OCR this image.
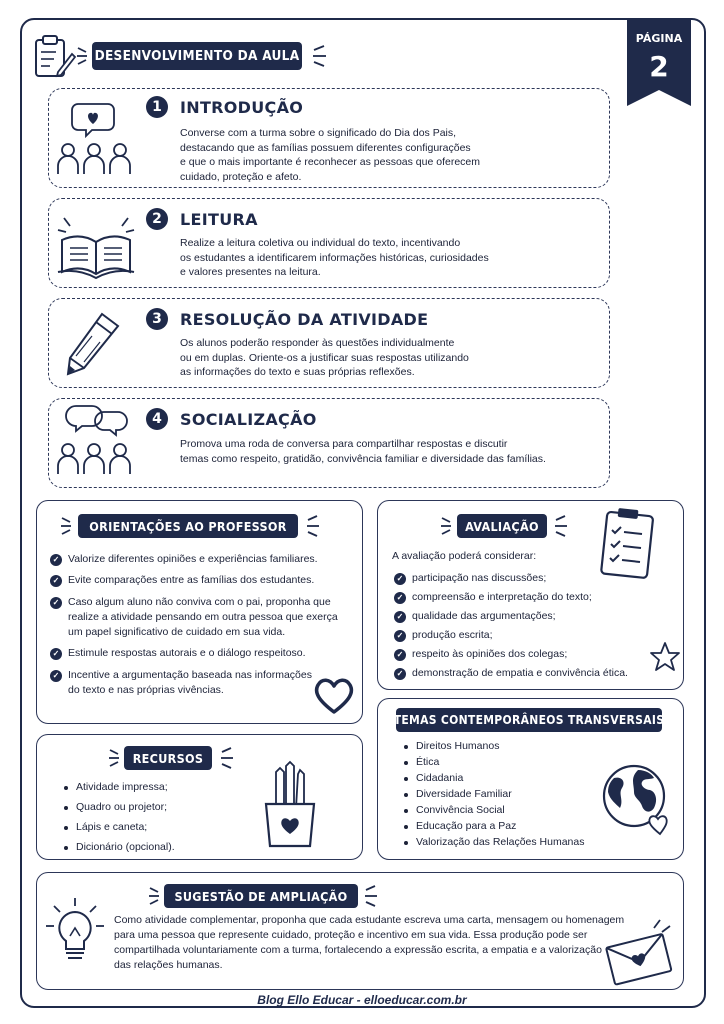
PÁGINA
2
DESENVOLVIMENTO DA AULA
1	INTRODUÇÃO
Converse com a turma sobre o significado do Dia dos Pais,
destacando que as famílias possuem diferentes configurações
e que o mais importante é reconhecer as pessoas que oferecem
cuidado, proteção e afeto.
2	LEITURA
Realize a leitura coletiva ou individual do texto, incentivando
os estudantes a identificarem informações históricas, curiosidades
e valores presentes na leitura.
3	RESOLUÇÃO DA ATIVIDADE
Os alunos poderão responder às questões individualmente
ou em duplas. Oriente-os a justificar suas respostas utilizando
as informações do texto e suas próprias reflexões.
4	SOCIALIZAÇÃO
Promova uma roda de conversa para compartilhar respostas e discutir
temas como respeito, gratidão, convivência familiar e diversidade das famílias.
ORIENTAÇÕES AO PROFESSOR
✓ Valorize diferentes opiniões e experiências familiares.
✓ Evite comparações entre as famílias dos estudantes.
✓ Caso algum aluno não conviva com o pai, proponha que
realize a atividade pensando em outra pessoa que exerça
um papel significativo de cuidado em sua vida.
✓ Estimule respostas autorais e o diálogo respeitoso.
✓ Incentive a argumentação baseada nas informações
do texto e nas próprias vivências.
AVALIAÇÃO
A avaliação poderá considerar:
✓ participação nas discussões;
✓ compreensão e interpretação do texto;
✓ qualidade das argumentações;
✓ produção escrita;
✓ respeito às opiniões dos colegas;
✓ demonstração de empatia e convivência ética.
TEMAS CONTEMPORÂNEOS TRANSVERSAIS
Direitos Humanos
Ética
Cidadania
Diversidade Familiar
Convivência Social
Educação para a Paz
Valorização das Relações Humanas
RECURSOS
Atividade impressa;
Quadro ou projetor;
Lápis e caneta;
Dicionário (opcional).
SUGESTÃO DE AMPLIAÇÃO
Como atividade complementar, proponha que cada estudante escreva uma carta, mensagem ou homenagem
para uma pessoa que represente cuidado, proteção e incentivo em sua vida. Essa produção pode ser
compartilhada voluntariamente com a turma, fortalecendo a expressão escrita, a empatia e a valorização
das relações humanas.
Blog Ello Educar - elloeducar.com.br
